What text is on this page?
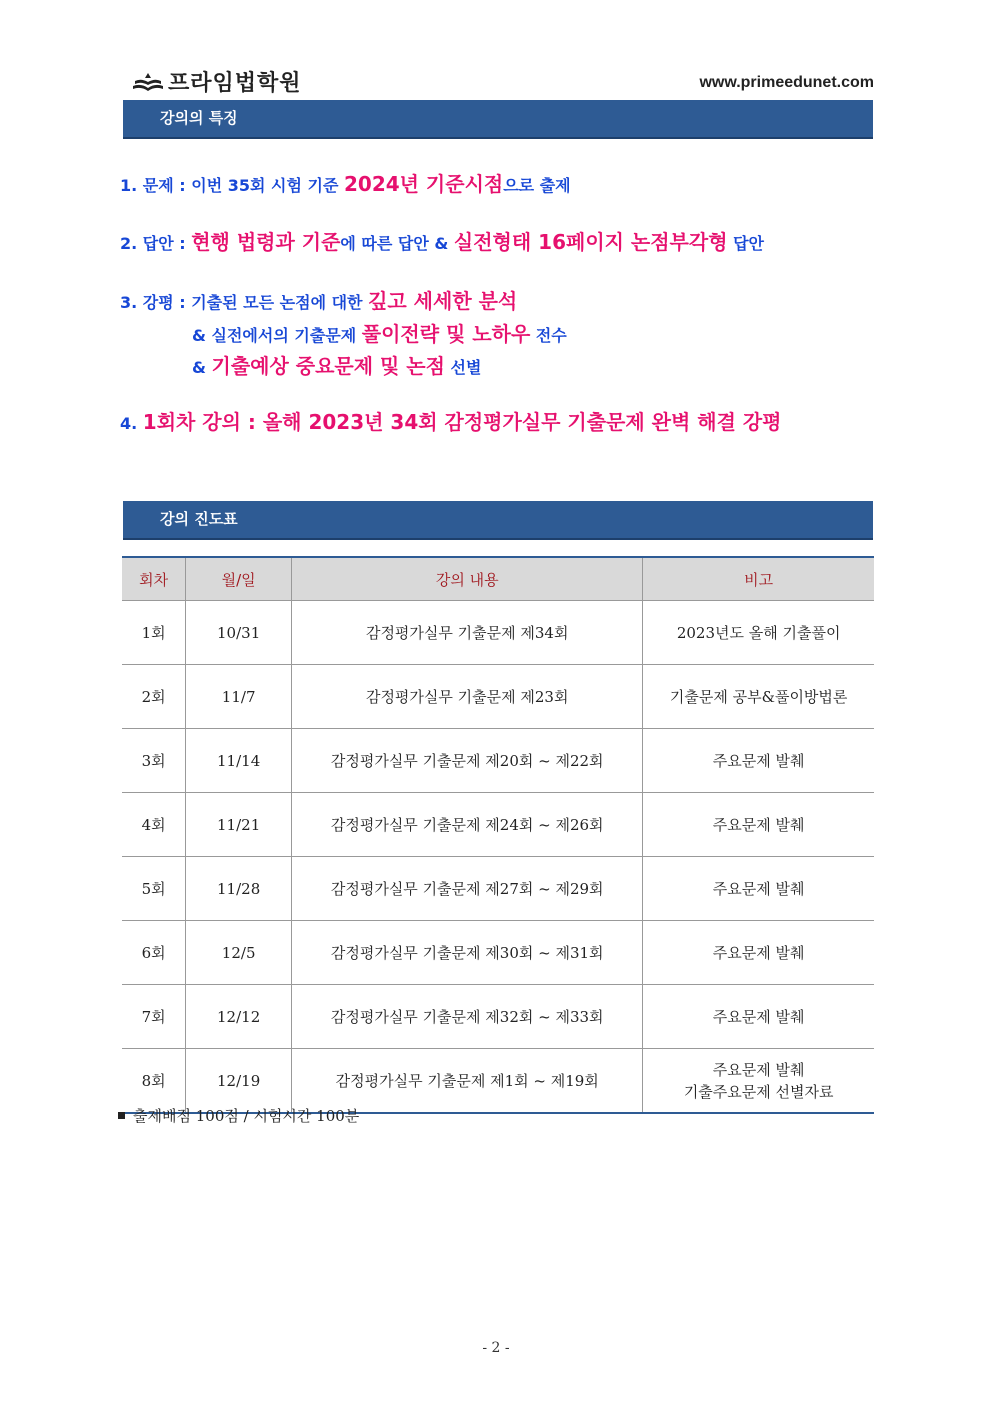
프라임법학원	www.primeedunet.com
강의의 특징
1. 문제 : 이번 35회 시험 기준 2024년 기준시점으로 출제
2. 답안 : 현행 법령과 기준에 따른 답안 & 실전형태 16페이지 논점부각형 답안
3. 강평 : 기출된 모든 논점에 대한 깊고 세세한 분석
& 실전에서의 기출문제 풀이전략 및 노하우 전수
& 기출예상 중요문제 및 논점 선별
4. 1회차 강의 : 올해 2023년 34회 감정평가실무 기출문제 완벽 해결 강평
강의 진도표
회차	월/일	강의 내용	비고
1회	10/31	감정평가실무 기출문제 제34회	2023년도 올해 기출풀이

2회	11/7	감정평가실무 기출문제 제23회	기출문제 공부&풀이방법론

3회	11/14	감정평가실무 기출문제 제20회 ~ 제22회	주요문제 발췌

4회	11/21	감정평가실무 기출문제 제24회 ~ 제26회	주요문제 발췌

5회	11/28	감정평가실무 기출문제 제27회 ~ 제29회	주요문제 발췌

6회	12/5	감정평가실무 기출문제 제30회 ~ 제31회	주요문제 발췌

7회	12/12	감정평가실무 기출문제 제32회 ~ 제33회	주요문제 발췌

8회	12/19	감정평가실무 기출문제 제1회 ~ 제19회	주요문제 발췌
기출주요문제 선별자료
출제배점 100점 / 시험시간 100분
- 2 -
